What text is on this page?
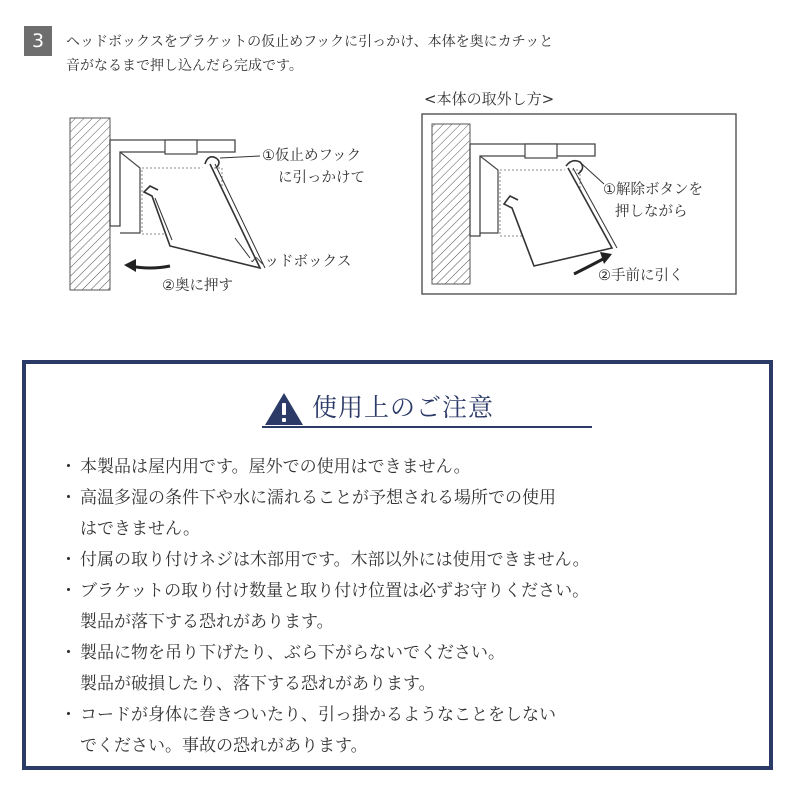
3	ヘッドボックスをブラケットの仮止めフックに引っかけ、本体を奥にカチッと
音がなるまで押し込んだら完成です。
①仮止めフック
に引っかけて
ヘッドボックス
②奥に押す
<本体の取外し方>
①解除ボタンを
押しながら
②手前に引く
使用上のご注意
・ 本製品は屋内用です。屋外での使用はできません。
・ 高温多湿の条件下や水に濡れることが予想される場所での使用
はできません。
・ 付属の取り付けネジは木部用です。木部以外には使用できません。
・ ブラケットの取り付け数量と取り付け位置は必ずお守りください。
製品が落下する恐れがあります。
・ 製品に物を吊り下げたり、ぶら下がらないでください。
製品が破損したり、落下する恐れがあります。
・ コードが身体に巻きついたり、引っ掛かるようなことをしない
でください。事故の恐れがあります。
